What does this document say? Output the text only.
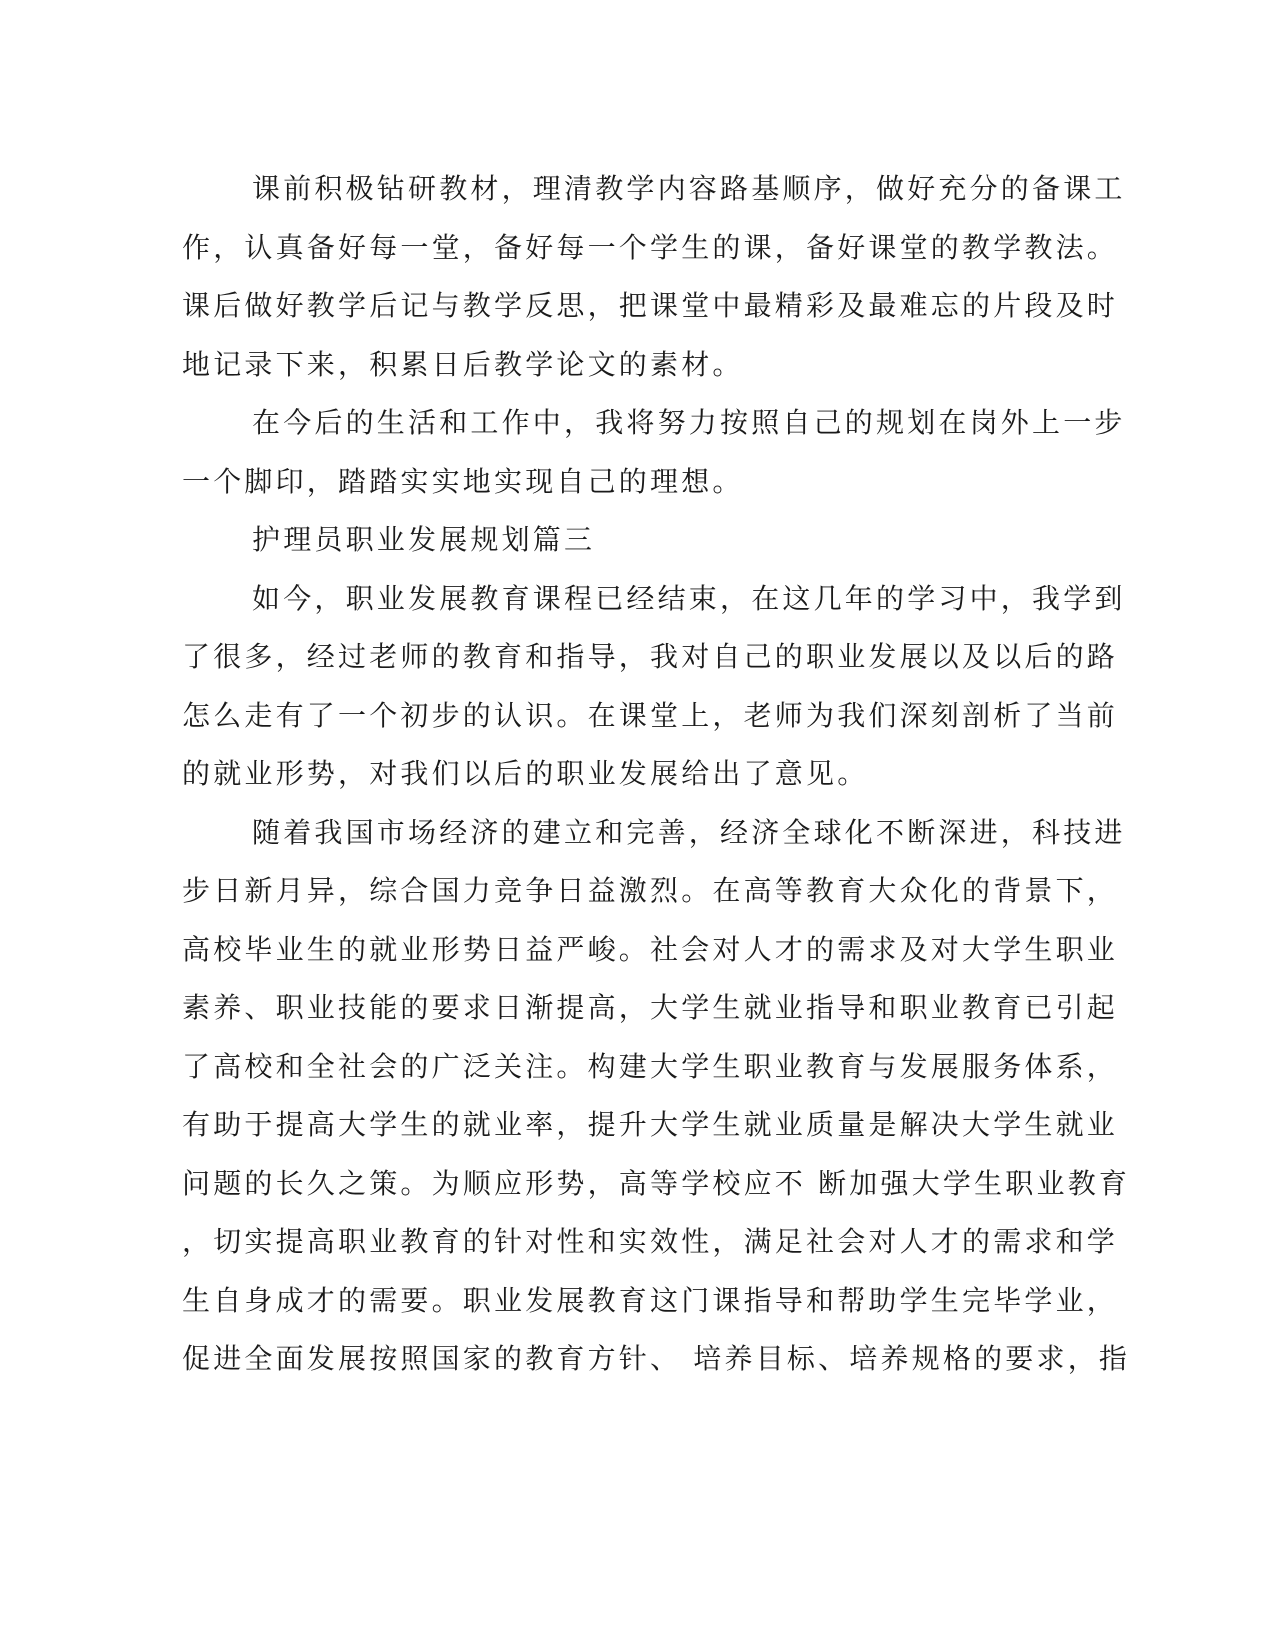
课前积极钻研教材，理清教学内容路基顺序，做好充分的备课工
作，认真备好每一堂，备好每一个学生的课，备好课堂的教学教法。
课后做好教学后记与教学反思，把课堂中最精彩及最难忘的片段及时
地记录下来，积累日后教学论文的素材。
在今后的生活和工作中，我将努力按照自己的规划在岗外上一步
一个脚印，踏踏实实地实现自己的理想。
护理员职业发展规划篇三
如今，职业发展教育课程已经结束，在这几年的学习中，我学到
了很多，经过老师的教育和指导，我对自己的职业发展以及以后的路
怎么走有了一个初步的认识。在课堂上，老师为我们深刻剖析了当前
的就业形势，对我们以后的职业发展给出了意见。
随着我国市场经济的建立和完善，经济全球化不断深进，科技进
步日新月异，综合国力竞争日益激烈。在高等教育大众化的背景下，
高校毕业生的就业形势日益严峻。社会对人才的需求及对大学生职业
素养、职业技能的要求日渐提高，大学生就业指导和职业教育已引起
了高校和全社会的广泛关注。构建大学生职业教育与发展服务体系，
有助于提高大学生的就业率，提升大学生就业质量是解决大学生就业
问题的长久之策。为顺应形势，高等学校应不 断加强大学生职业教育
，切实提高职业教育的针对性和实效性，满足社会对人才的需求和学
生自身成才的需要。职业发展教育这门课指导和帮助学生完毕学业，
促进全面发展按照国家的教育方针、 培养目标、培养规格的要求，指
